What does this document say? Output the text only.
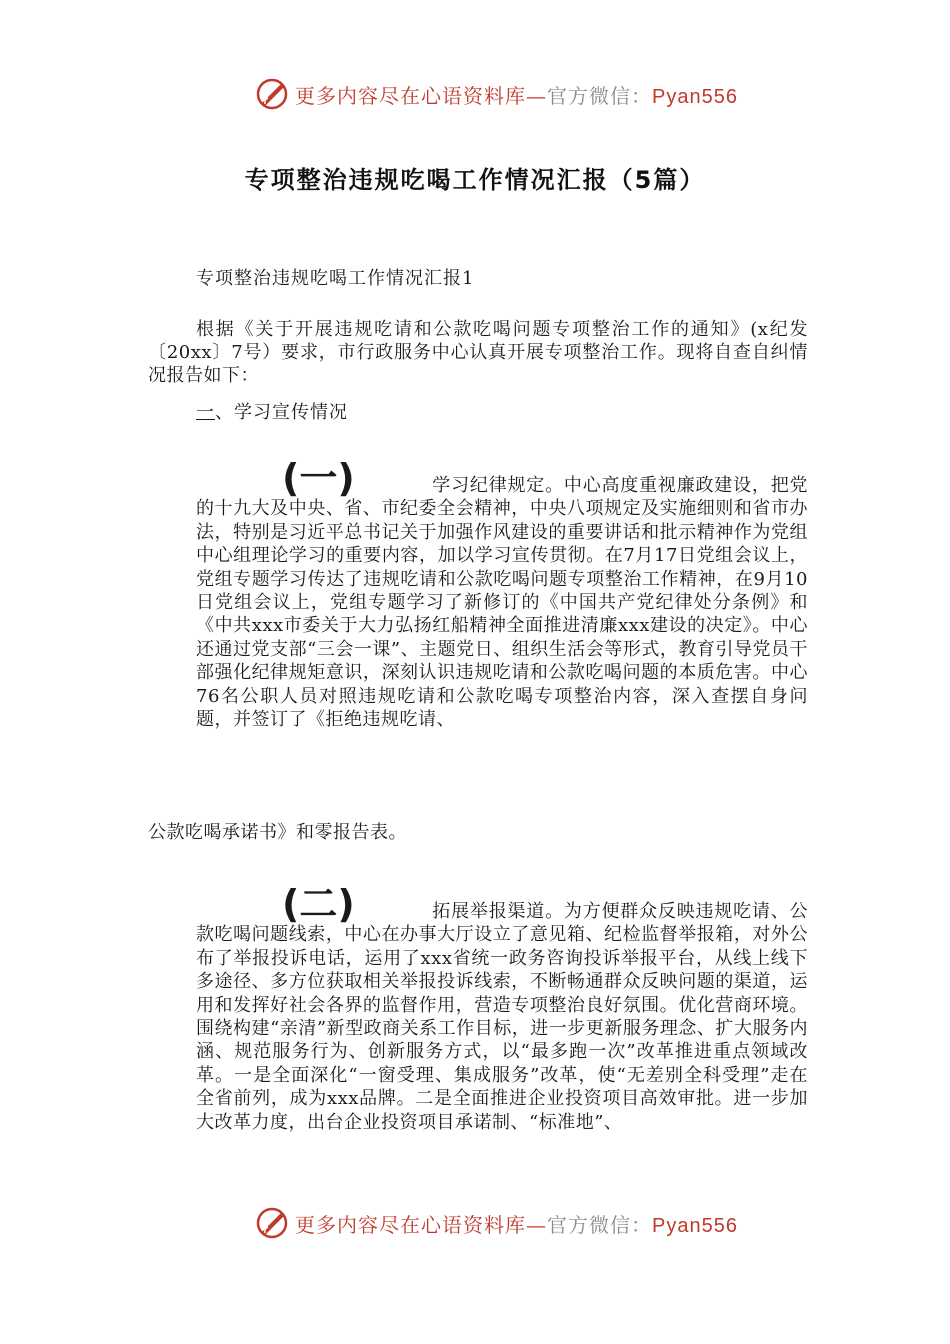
更多内容尽在心语资料库—官方微信：Pyan556
专项整治违规吃喝工作情况汇报（5篇）
专项整治违规吃喝工作情况汇报1
根据《关于开展违规吃请和公款吃喝问题专项整治工作的通知》(x纪发〔20xx〕7号）要求，市行政服务中心认真开展专项整治工作。现将自查自纠情况报告如下：
一、学习宣传情况
(一)	学习纪律规定。中心高度重视廉政建设，把党的十九大及中央、省、市纪委全会精神，中央八项规定及实施细则和省市办法，特别是习近平总书记关于加强作风建设的重要讲话和批示精神作为党组中心组理论学习的重要内容，加以学习宣传贯彻。在7月17日党组会议上，党组专题学习传达了违规吃请和公款吃喝问题专项整治工作精神，在9月10日党组会议上，党组专题学习了新修订的《中国共产党纪律处分条例》和《中共xxx市委关于大力弘扬红船精神全面推进清廉xxx建设的决定》。中心还通过党支部“三会一课”、主题党日、组织生活会等形式，教育引导党员干部强化纪律规矩意识，深刻认识违规吃请和公款吃喝问题的本质危害。中心76名公职人员对照违规吃请和公款吃喝专项整治内容，深入查摆自身问题，并签订了《拒绝违规吃请、
公款吃喝承诺书》和零报告表。
(二)	拓展举报渠道。为方便群众反映违规吃请、公款吃喝问题线索，中心在办事大厅设立了意见箱、纪检监督举报箱，对外公布了举报投诉电话，运用了xxx省统一政务咨询投诉举报平台，从线上线下多途径、多方位获取相关举报投诉线索，不断畅通群众反映问题的渠道，运用和发挥好社会各界的监督作用，营造专项整治良好氛围。优化营商环境。围绕构建“亲清”新型政商关系工作目标，进一步更新服务理念、扩大服务内涵、规范服务行为、创新服务方式，以“最多跑一次”改革推进重点领域改革。一是全面深化“一窗受理、集成服务”改革，使“无差别全科受理”走在全省前列，成为xxx品牌。二是全面推进企业投资项目高效审批。进一步加大改革力度，出台企业投资项目承诺制、“标准地”、
更多内容尽在心语资料库—官方微信：Pyan556
